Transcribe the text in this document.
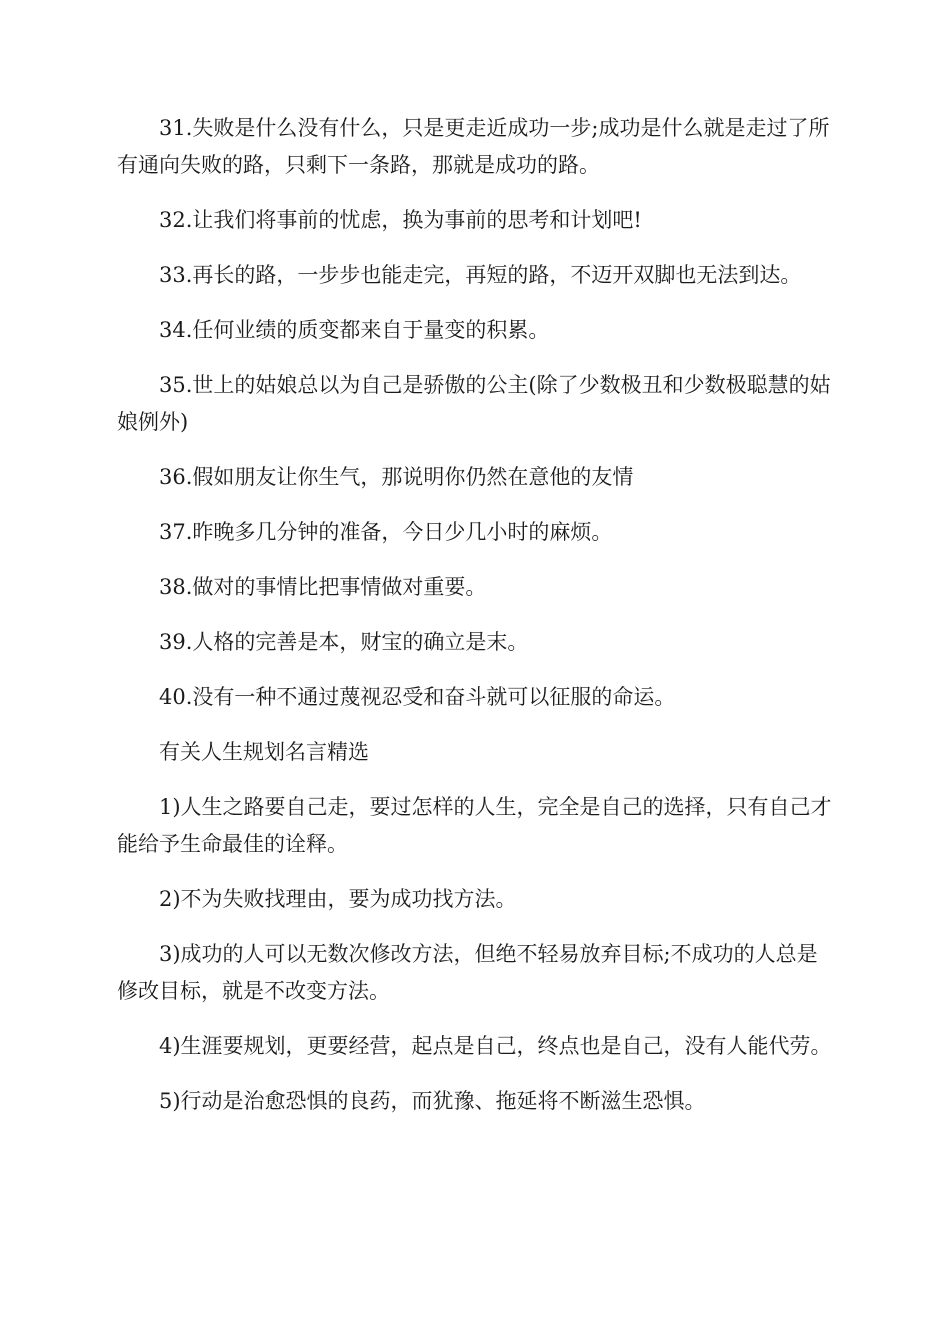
31.失败是什么没有什么，只是更走近成功一步;成功是什么就是走过了所有通向失败的路，只剩下一条路，那就是成功的路。

32.让我们将事前的忧虑，换为事前的思考和计划吧!

33.再长的路，一步步也能走完，再短的路，不迈开双脚也无法到达。

34.任何业绩的质变都来自于量变的积累。

35.世上的姑娘总以为自己是骄傲的公主(除了少数极丑和少数极聪慧的姑娘例外)

36.假如朋友让你生气，那说明你仍然在意他的友情

37.昨晚多几分钟的准备，今日少几小时的麻烦。

38.做对的事情比把事情做对重要。

39.人格的完善是本，财宝的确立是末。

40.没有一种不通过蔑视忍受和奋斗就可以征服的命运。

有关人生规划名言精选

1)人生之路要自己走，要过怎样的人生，完全是自己的选择，只有自己才能给予生命最佳的诠释。

2)不为失败找理由，要为成功找方法。

3)成功的人可以无数次修改方法，但绝不轻易放弃目标;不成功的人总是修改目标，就是不改变方法。

4)生涯要规划，更要经营，起点是自己，终点也是自己，没有人能代劳。

5)行动是治愈恐惧的良药，而犹豫、拖延将不断滋生恐惧。
